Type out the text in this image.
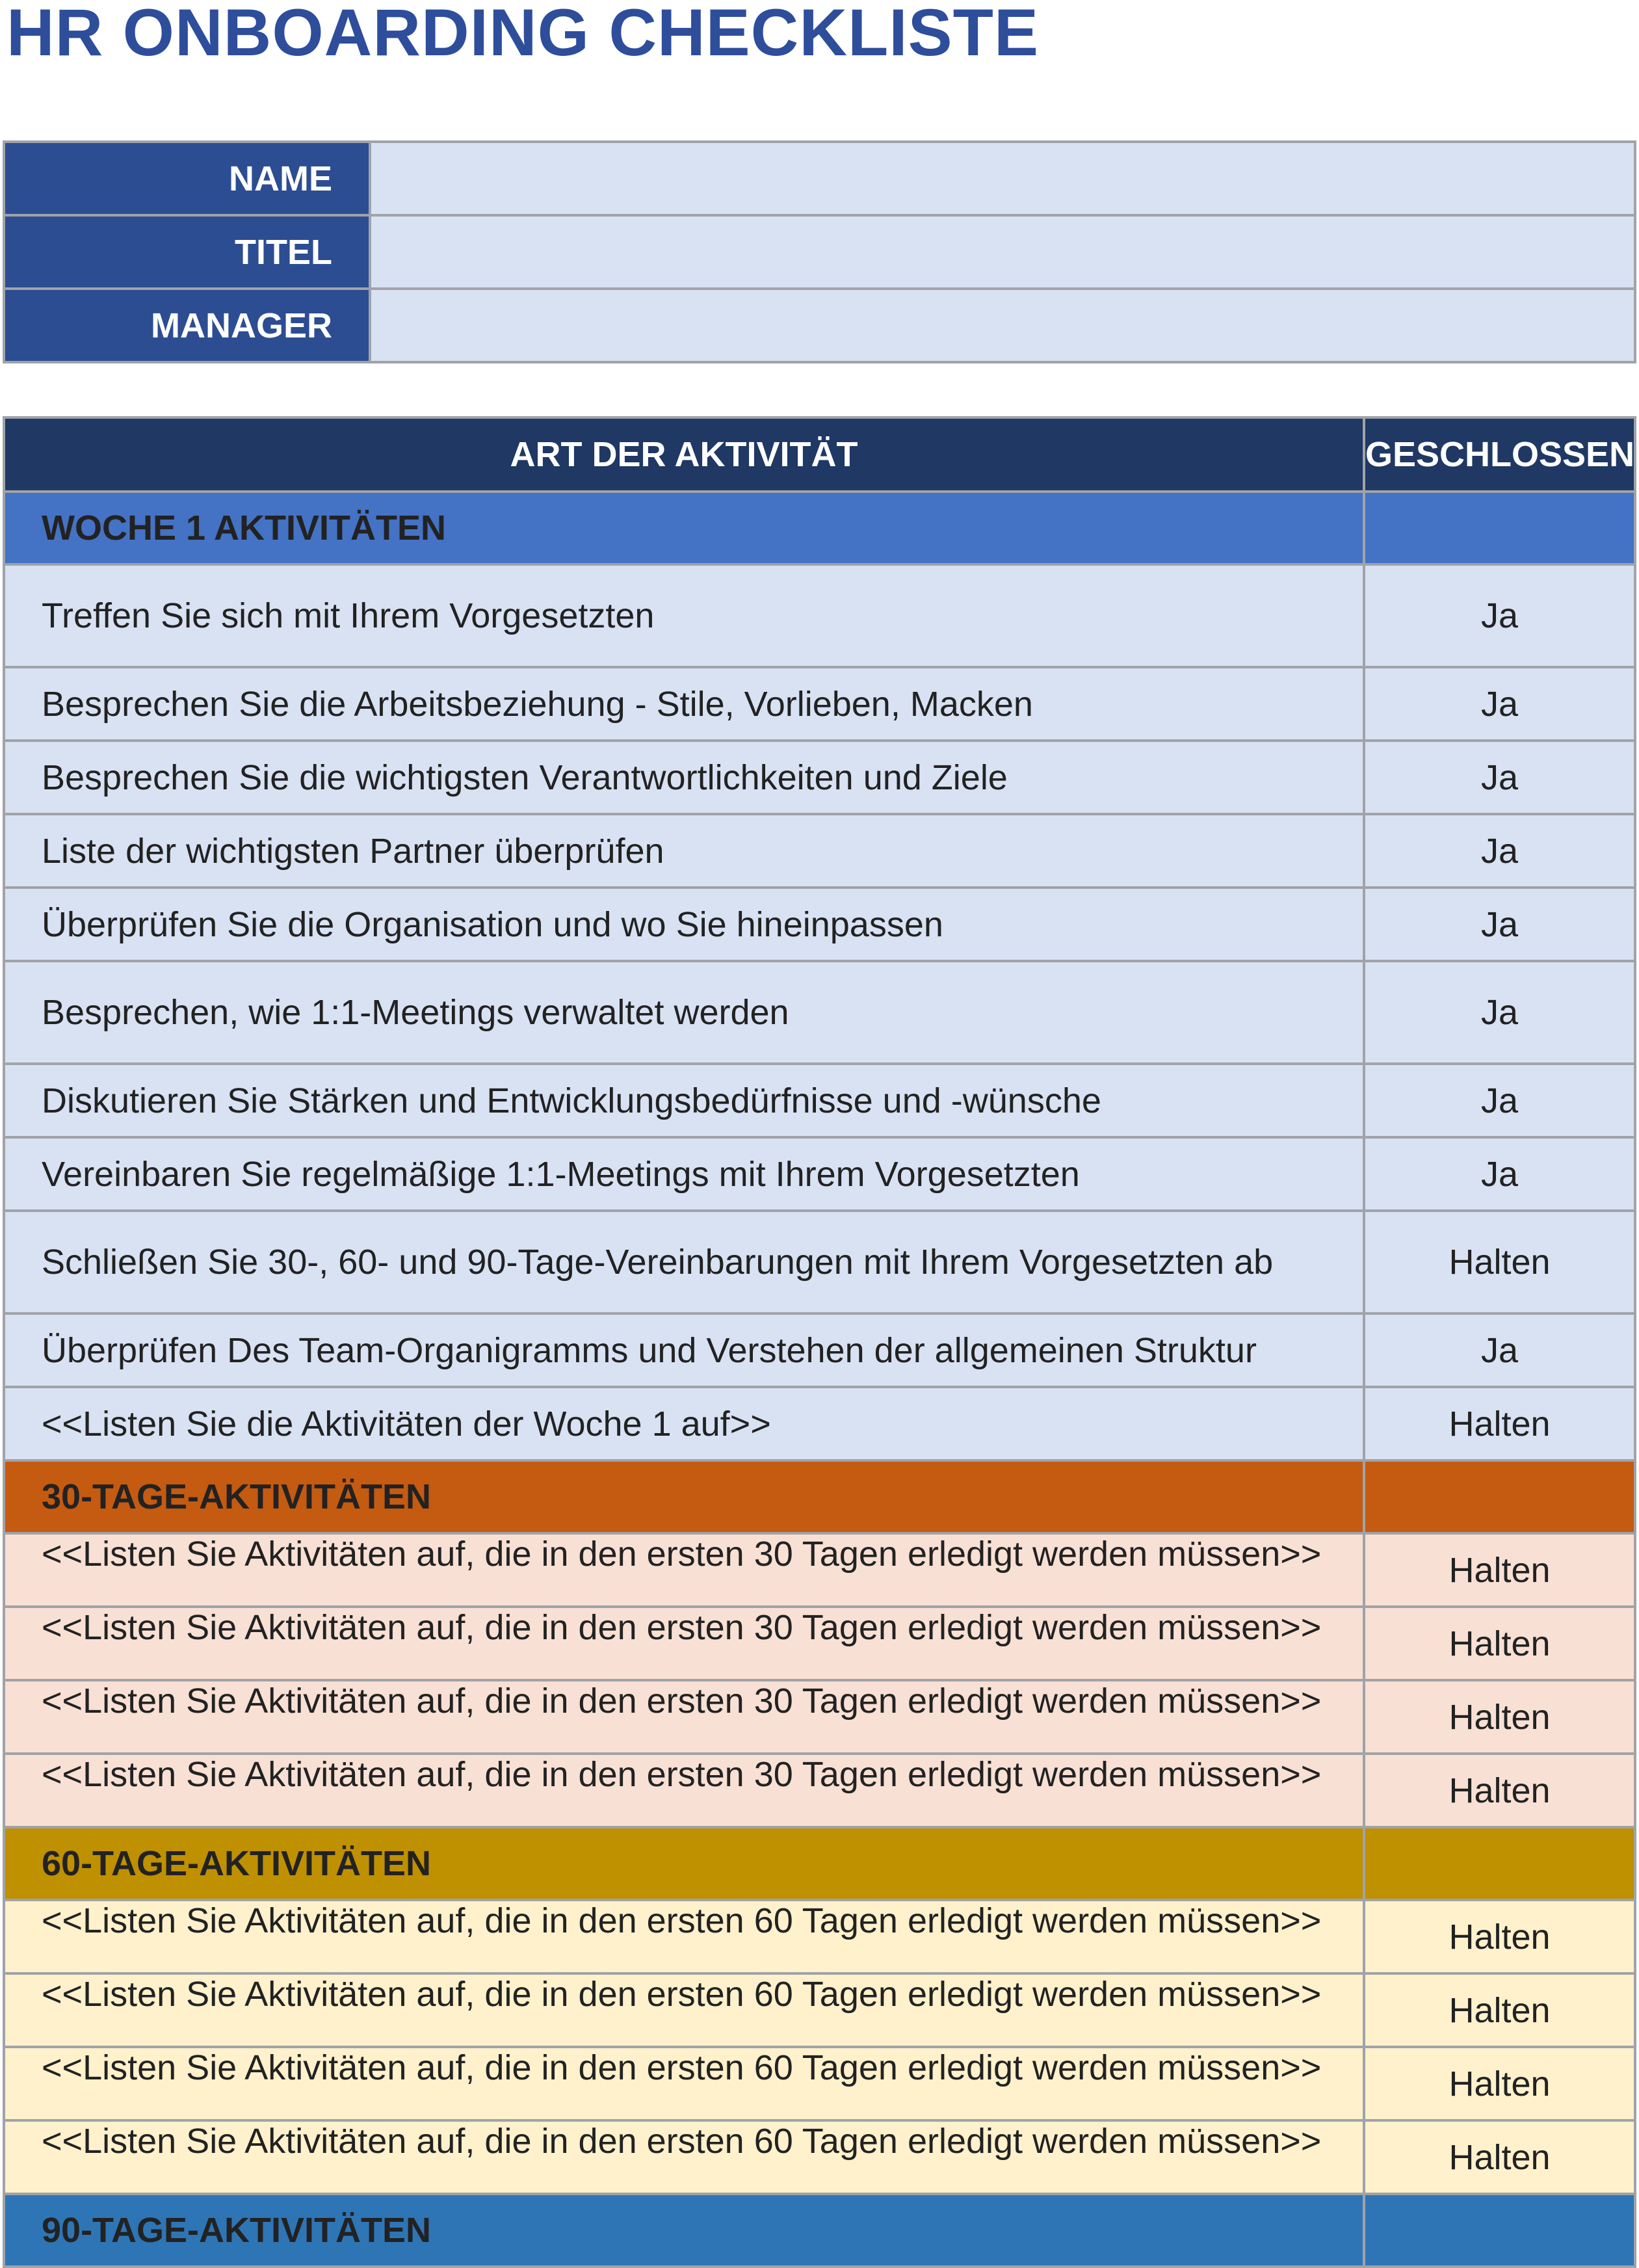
HR ONBOARDING CHECKLISTE
NAME	
TITEL	
MANAGER	
ART DER AKTIVITÄT	GESCHLOSSEN
WOCHE 1 AKTIVITÄTEN	
Treffen Sie sich mit Ihrem Vorgesetzten	Ja
Besprechen Sie die Arbeitsbeziehung - Stile, Vorlieben, Macken	Ja
Besprechen Sie die wichtigsten Verantwortlichkeiten und Ziele	Ja
Liste der wichtigsten Partner überprüfen	Ja
Überprüfen Sie die Organisation und wo Sie hineinpassen	Ja
Besprechen, wie 1:1-Meetings verwaltet werden	Ja
Diskutieren Sie Stärken und Entwicklungsbedürfnisse und -wünsche	Ja
Vereinbaren Sie regelmäßige 1:1-Meetings mit Ihrem Vorgesetzten	Ja
Schließen Sie 30-, 60- und 90-Tage-Vereinbarungen mit Ihrem Vorgesetzten ab	Halten
Überprüfen Des Team-Organigramms und Verstehen der allgemeinen Struktur	Ja
<<Listen Sie die Aktivitäten der Woche 1 auf>>	Halten
30-TAGE-AKTIVITÄTEN	

<<Listen Sie Aktivitäten auf, die in den ersten 30 Tagen erledigt werden müssen>>	Halten

<<Listen Sie Aktivitäten auf, die in den ersten 30 Tagen erledigt werden müssen>>	Halten

<<Listen Sie Aktivitäten auf, die in den ersten 30 Tagen erledigt werden müssen>>	Halten

<<Listen Sie Aktivitäten auf, die in den ersten 30 Tagen erledigt werden müssen>>	Halten
60-TAGE-AKTIVITÄTEN	

<<Listen Sie Aktivitäten auf, die in den ersten 60 Tagen erledigt werden müssen>>	Halten

<<Listen Sie Aktivitäten auf, die in den ersten 60 Tagen erledigt werden müssen>>	Halten

<<Listen Sie Aktivitäten auf, die in den ersten 60 Tagen erledigt werden müssen>>	Halten

<<Listen Sie Aktivitäten auf, die in den ersten 60 Tagen erledigt werden müssen>>	Halten
90-TAGE-AKTIVITÄTEN	
